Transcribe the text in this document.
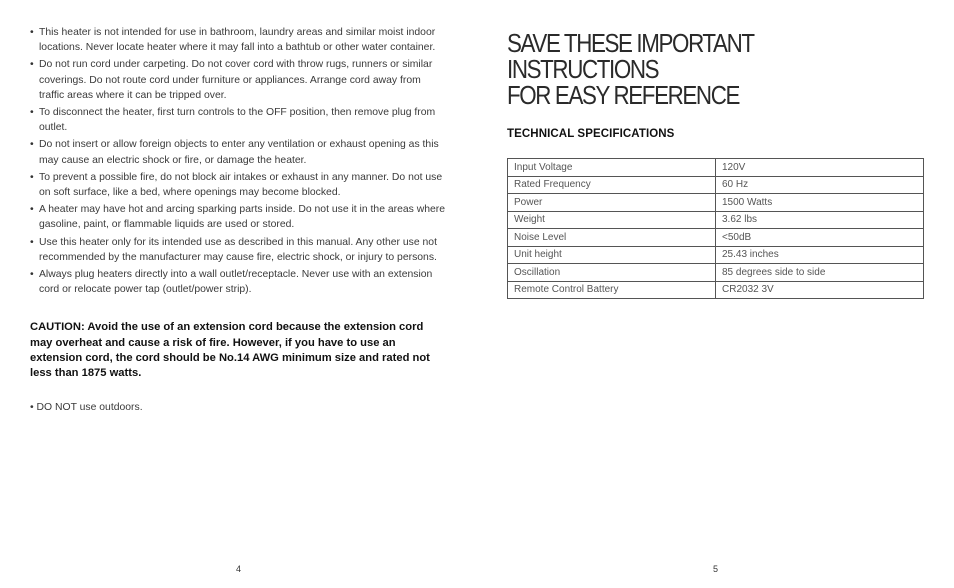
• This heater is not intended for use in bathroom, laundry areas and similar moist indoor locations. Never locate heater where it may fall into a bathtub or other water container.
• Do not run cord under carpeting. Do not cover cord with throw rugs, runners or similar coverings. Do not route cord under furniture or appliances. Arrange cord away from traffic areas where it can be tripped over.
• To disconnect the heater, first turn controls to the OFF position, then remove plug from outlet.
• Do not insert or allow foreign objects to enter any ventilation or exhaust opening as this may cause an electric shock or fire, or damage the heater.
• To prevent a possible fire, do not block air intakes or exhaust in any manner. Do not use on soft surface, like a bed, where openings may become blocked.
• A heater may have hot and arcing sparking parts inside. Do not use it in the areas where gasoline, paint, or flammable liquids are used or stored.
• Use this heater only for its intended use as described in this manual. Any other use not recommended by the manufacturer may cause fire, electric shock, or injury to persons.
• Always plug heaters directly into a wall outlet/receptacle. Never use with an extension cord or relocate power tap (outlet/power strip).
CAUTION: Avoid the use of an extension cord because the extension cord may overheat and cause a risk of fire. However, if you have to use an extension cord, the cord should be No.14 AWG minimum size and rated not less than 1875 watts.
• DO NOT use outdoors.
4
SAVE THESE IMPORTANT INSTRUCTIONS
FOR EASY REFERENCE
TECHNICAL SPECIFICATIONS
Input Voltage	120V
Rated Frequency	60 Hz
Power	1500 Watts
Weight	3.62 lbs
Noise Level	<50dB
Unit height	25.43 inches
Oscillation	85 degrees side to side
Remote Control Battery	CR2032 3V
5
